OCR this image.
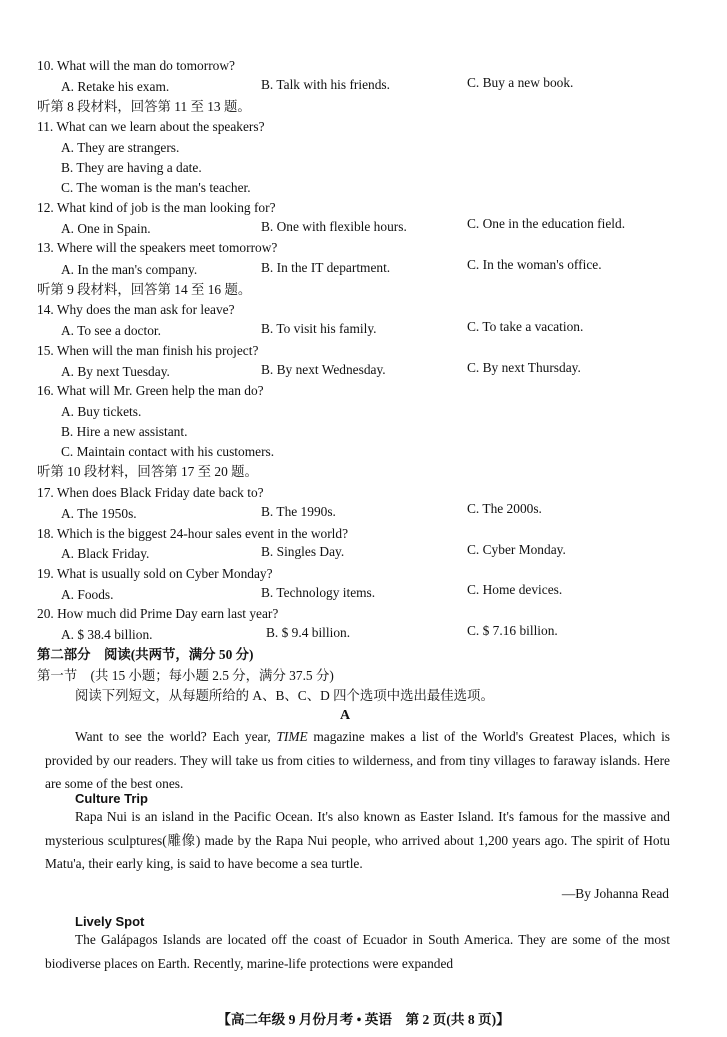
10. What will the man do tomorrow?
A. Retake his exam.	B. Talk with his friends.	C. Buy a new book.
听第 8 段材料，回答第 11 至 13 题。
11. What can we learn about the speakers?
A. They are strangers.
B. They are having a date.
C. The woman is the man's teacher.
12. What kind of job is the man looking for?
A. One in Spain.	B. One with flexible hours.	C. One in the education field.
13. Where will the speakers meet tomorrow?
A. In the man's company.	B. In the IT department.	C. In the woman's office.
听第 9 段材料，回答第 14 至 16 题。
14. Why does the man ask for leave?
A. To see a doctor.	B. To visit his family.	C. To take a vacation.
15. When will the man finish his project?
A. By next Tuesday.	B. By next Wednesday.	C. By next Thursday.
16. What will Mr. Green help the man do?
A. Buy tickets.
B. Hire a new assistant.
C. Maintain contact with his customers.
听第 10 段材料，回答第 17 至 20 题。
17. When does Black Friday date back to?
A. The 1950s.	B. The 1990s.	C. The 2000s.
18. Which is the biggest 24-hour sales event in the world?
A. Black Friday.	B. Singles Day.	C. Cyber Monday.
19. What is usually sold on Cyber Monday?
A. Foods.	B. Technology items.	C. Home devices.
20. How much did Prime Day earn last year?
A. $ 38.4 billion.	B. $ 9.4 billion.	C. $ 7.16 billion.
第二部分　阅读(共两节，满分 50 分)
第一节　(共 15 小题；每小题 2.5 分，满分 37.5 分)
阅读下列短文，从每题所给的 A、B、C、D 四个选项中选出最佳选项。
A
Want to see the world? Each year, TIME magazine makes a list of the World's Greatest Places, which is provided by our readers. They will take us from cities to wilderness, and from tiny villages to faraway islands. Here are some of the best ones.
Culture Trip
Rapa Nui is an island in the Pacific Ocean. It's also known as Easter Island. It's famous for the massive and mysterious sculptures(雕像) made by the Rapa Nui people, who arrived about 1,200 years ago. The spirit of Hotu Matu'a, their early king, is said to have become a sea turtle.
—By Johanna Read
Lively Spot
The Galápagos Islands are located off the coast of Ecuador in South America. They are some of the most biodiverse places on Earth. Recently, marine-life protections were expanded
【高二年级 9 月份月考 • 英语　第 2 页(共 8 页)】
